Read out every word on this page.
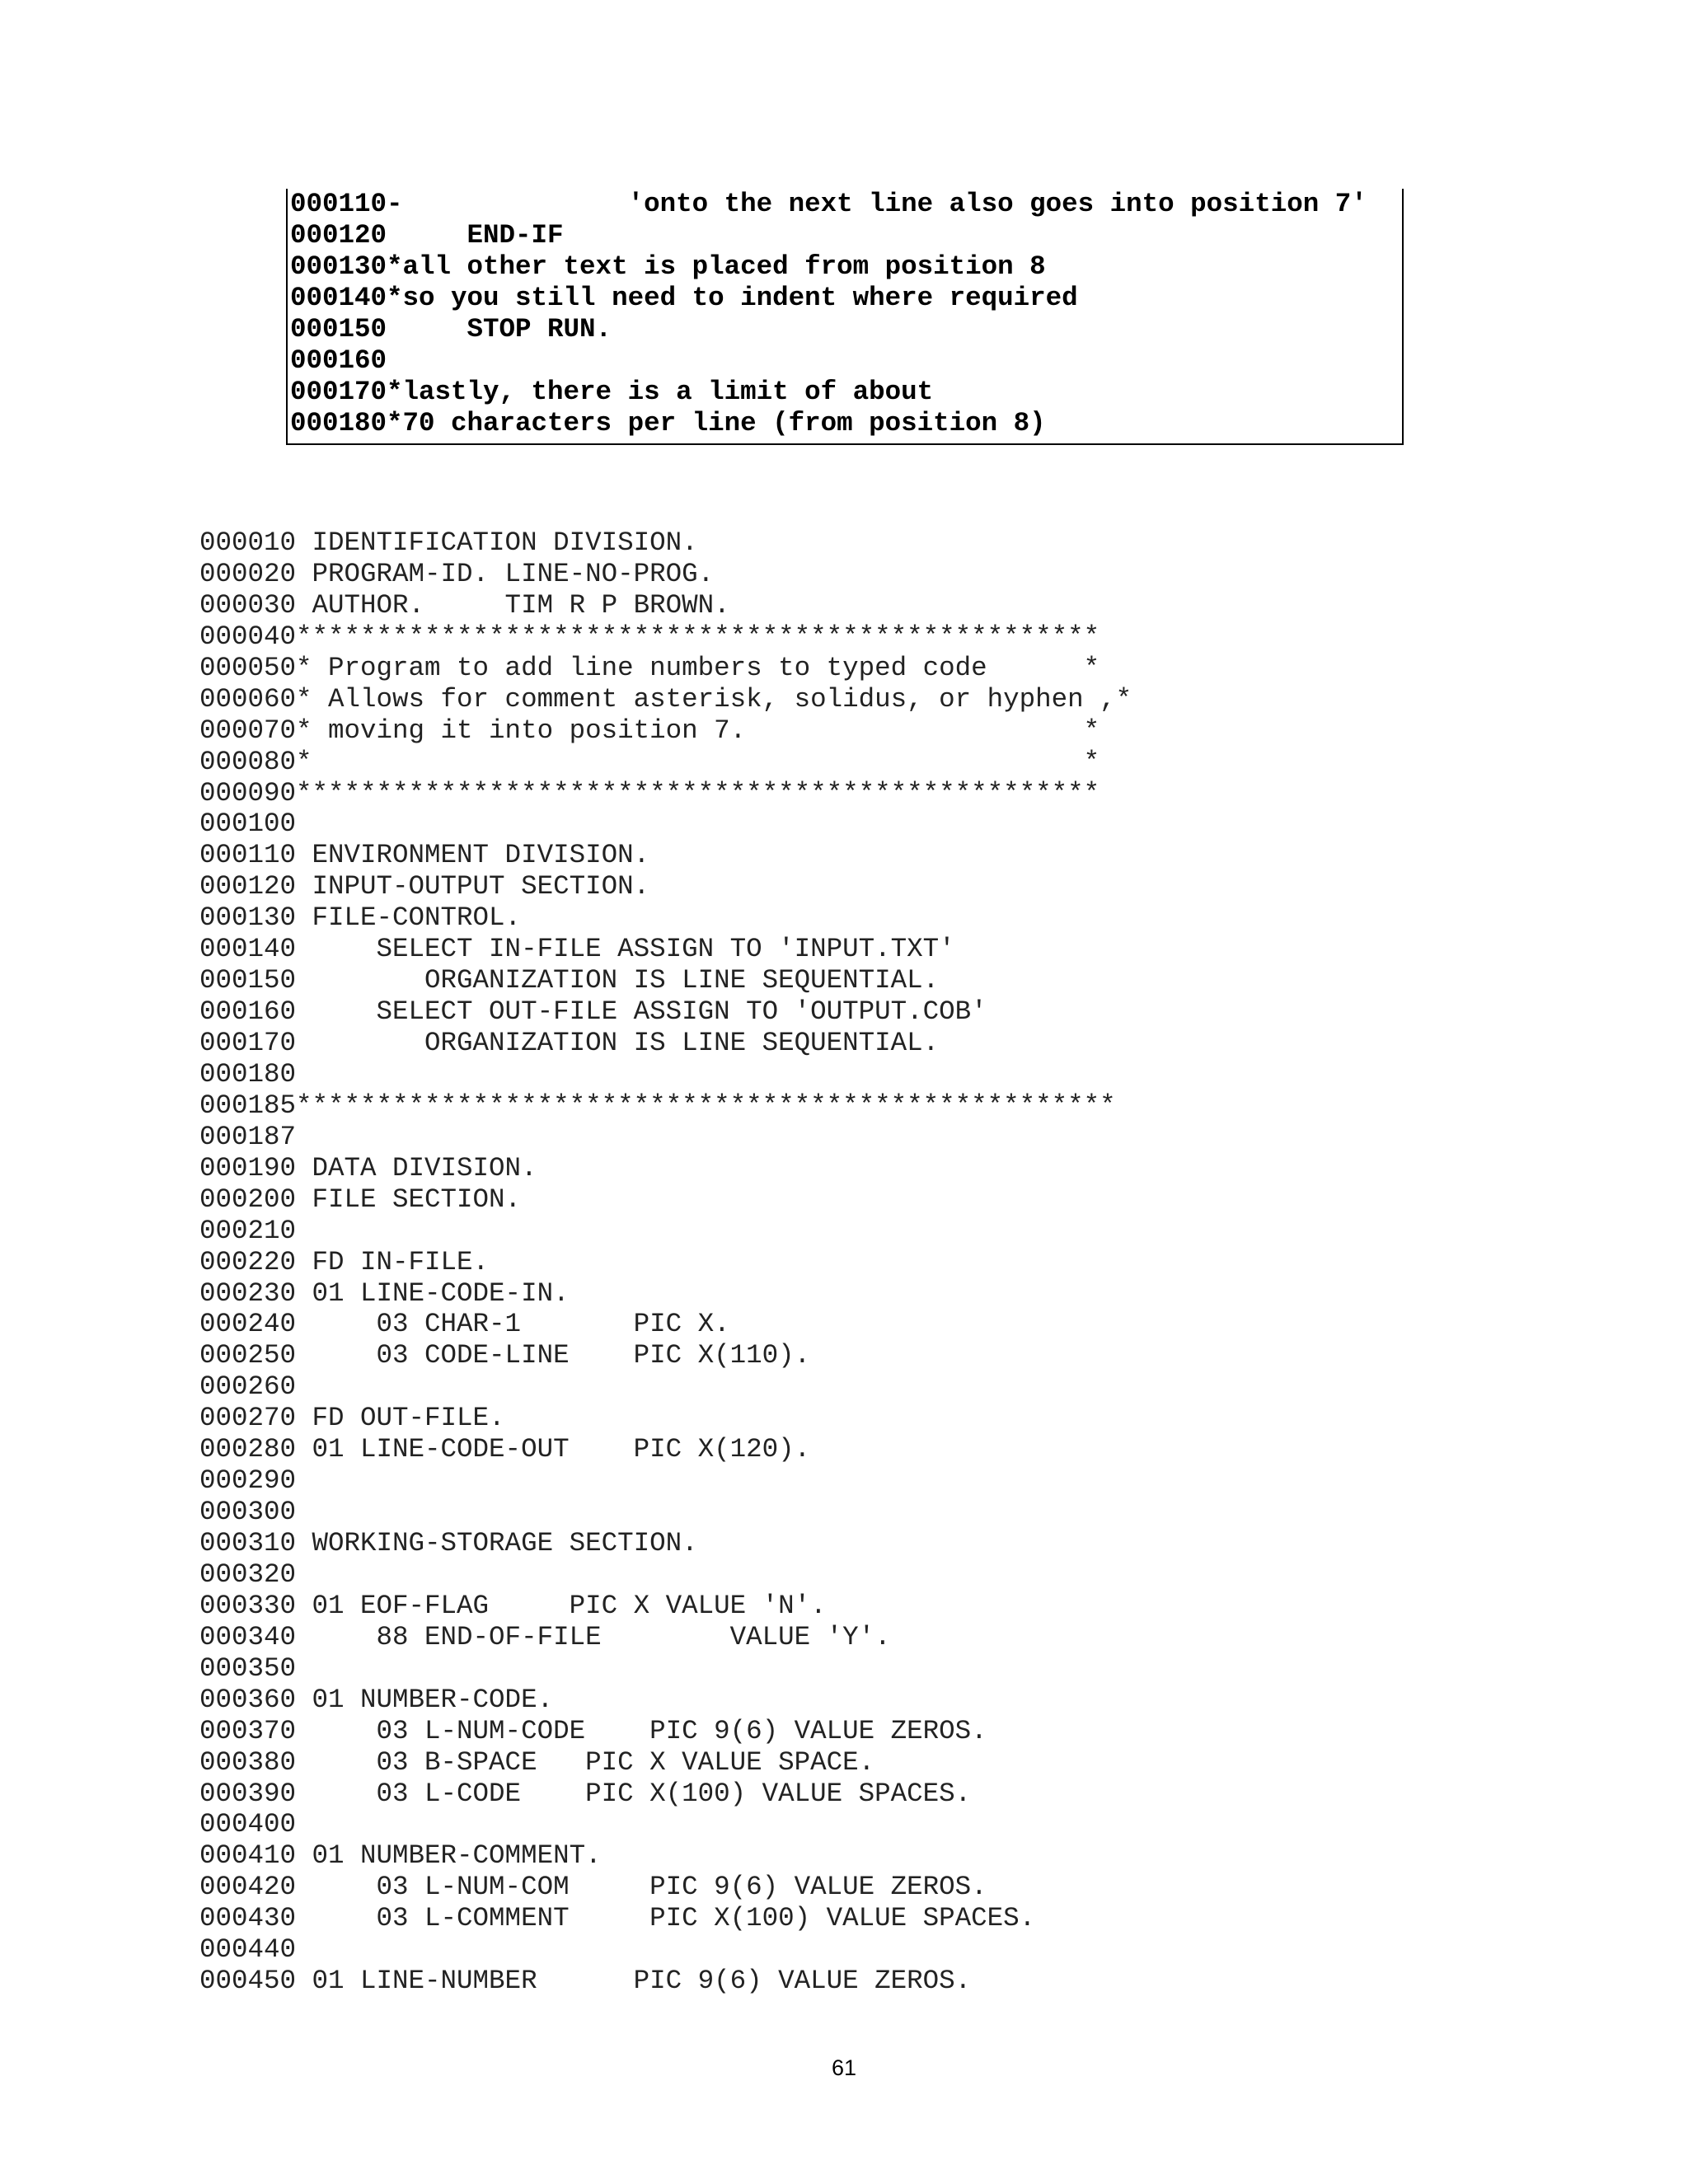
000110-              'onto the next line also goes into position 7'
000120     END-IF
000130*all other text is placed from position 8
000140*so you still need to indent where required
000150     STOP RUN.
000160
000170*lastly, there is a limit of about
000180*70 characters per line (from position 8)
000010 IDENTIFICATION DIVISION.
000020 PROGRAM-ID. LINE-NO-PROG.
000030 AUTHOR.     TIM R P BROWN.
000040**************************************************
000050* Program to add line numbers to typed code      *
000060* Allows for comment asterisk, solidus, or hyphen ,*
000070* moving it into position 7.                     *
000080*                                                *
000090**************************************************
000100
000110 ENVIRONMENT DIVISION.
000120 INPUT-OUTPUT SECTION.
000130 FILE-CONTROL.
000140     SELECT IN-FILE ASSIGN TO 'INPUT.TXT'
000150        ORGANIZATION IS LINE SEQUENTIAL.
000160     SELECT OUT-FILE ASSIGN TO 'OUTPUT.COB'
000170        ORGANIZATION IS LINE SEQUENTIAL.
000180
000185***************************************************
000187
000190 DATA DIVISION.
000200 FILE SECTION.
000210
000220 FD IN-FILE.
000230 01 LINE-CODE-IN.
000240     03 CHAR-1       PIC X.
000250     03 CODE-LINE    PIC X(110).
000260
000270 FD OUT-FILE.
000280 01 LINE-CODE-OUT    PIC X(120).
000290
000300
000310 WORKING-STORAGE SECTION.
000320
000330 01 EOF-FLAG     PIC X VALUE 'N'.
000340     88 END-OF-FILE        VALUE 'Y'.
000350
000360 01 NUMBER-CODE.
000370     03 L-NUM-CODE    PIC 9(6) VALUE ZEROS.
000380     03 B-SPACE   PIC X VALUE SPACE.
000390     03 L-CODE    PIC X(100) VALUE SPACES.
000400
000410 01 NUMBER-COMMENT.
000420     03 L-NUM-COM     PIC 9(6) VALUE ZEROS.
000430     03 L-COMMENT     PIC X(100) VALUE SPACES.
000440
000450 01 LINE-NUMBER      PIC 9(6) VALUE ZEROS.
61
